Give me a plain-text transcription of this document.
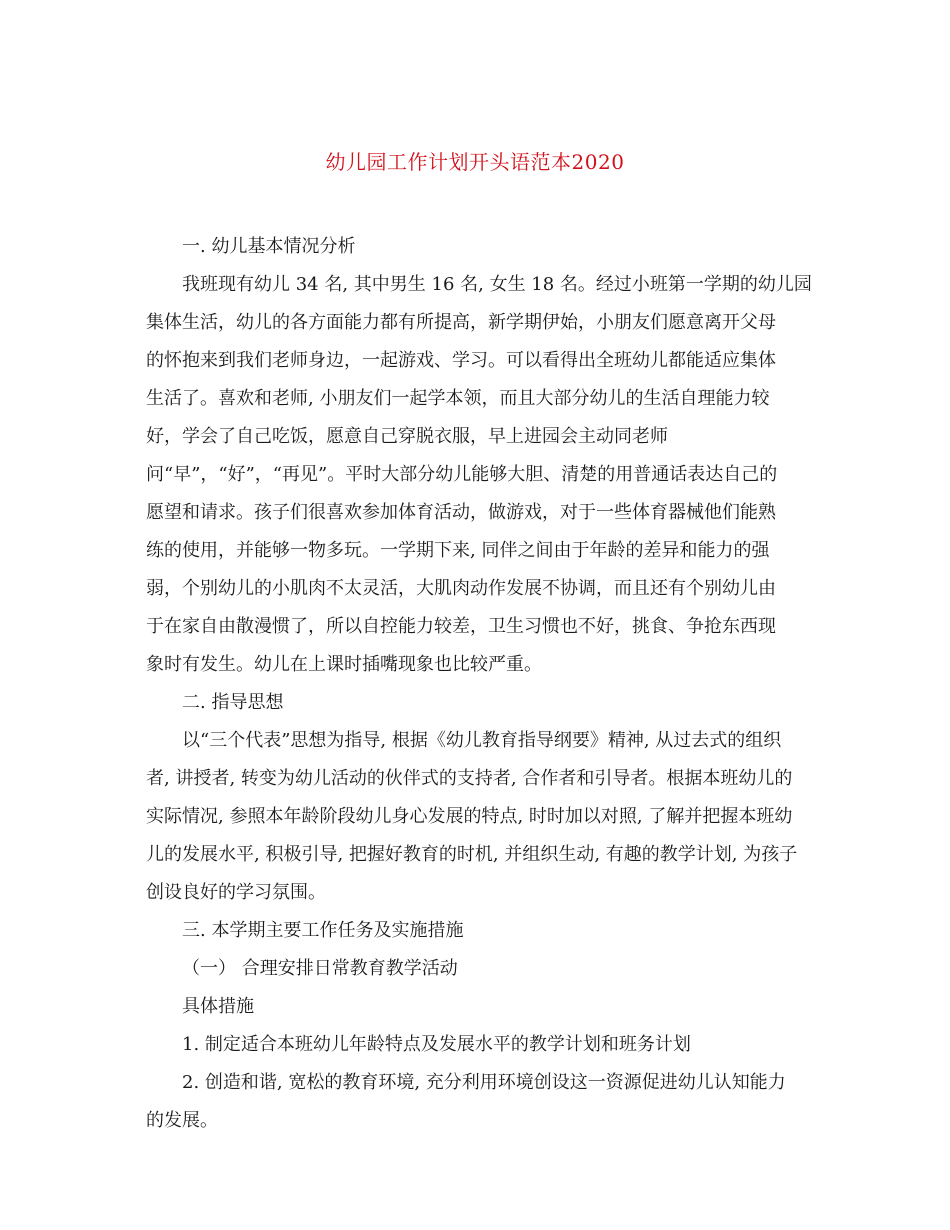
幼儿园工作计划开头语范本2020
一. 幼儿基本情况分析
我班现有幼儿 34 名, 其中男生 16 名, 女生 18 名。经过小班第一学期的幼儿园
集体生活，幼儿的各方面能力都有所提高，新学期伊始，小朋友们愿意离开父母
的怀抱来到我们老师身边，一起游戏、学习。可以看得出全班幼儿都能适应集体
生活了。喜欢和老师, 小朋友们一起学本领，而且大部分幼儿的生活自理能力较
好，学会了自己吃饭，愿意自己穿脱衣服，早上进园会主动同老师
问“早”，“好”，“再见”。平时大部分幼儿能够大胆、清楚的用普通话表达自己的
愿望和请求。孩子们很喜欢参加体育活动，做游戏，对于一些体育器械他们能熟
练的使用，并能够一物多玩。一学期下来, 同伴之间由于年龄的差异和能力的强
弱，个别幼儿的小肌肉不太灵活，大肌肉动作发展不协调，而且还有个别幼儿由
于在家自由散漫惯了，所以自控能力较差，卫生习惯也不好，挑食、争抢东西现
象时有发生。幼儿在上课时插嘴现象也比较严重。
二. 指导思想
以“三个代表”思想为指导, 根据《幼儿教育指导纲要》精神, 从过去式的组织
者, 讲授者, 转变为幼儿活动的伙伴式的支持者, 合作者和引导者。根据本班幼儿的
实际情况, 参照本年龄阶段幼儿身心发展的特点, 时时加以对照, 了解并把握本班幼
儿的发展水平, 积极引导, 把握好教育的时机, 并组织生动, 有趣的教学计划, 为孩子
创设良好的学习氛围。
三. 本学期主要工作任务及实施措施
（一） 合理安排日常教育教学活动
具体措施
1. 制定适合本班幼儿年龄特点及发展水平的教学计划和班务计划
2. 创造和谐, 宽松的教育环境, 充分利用环境创设这一资源促进幼儿认知能力
的发展。
